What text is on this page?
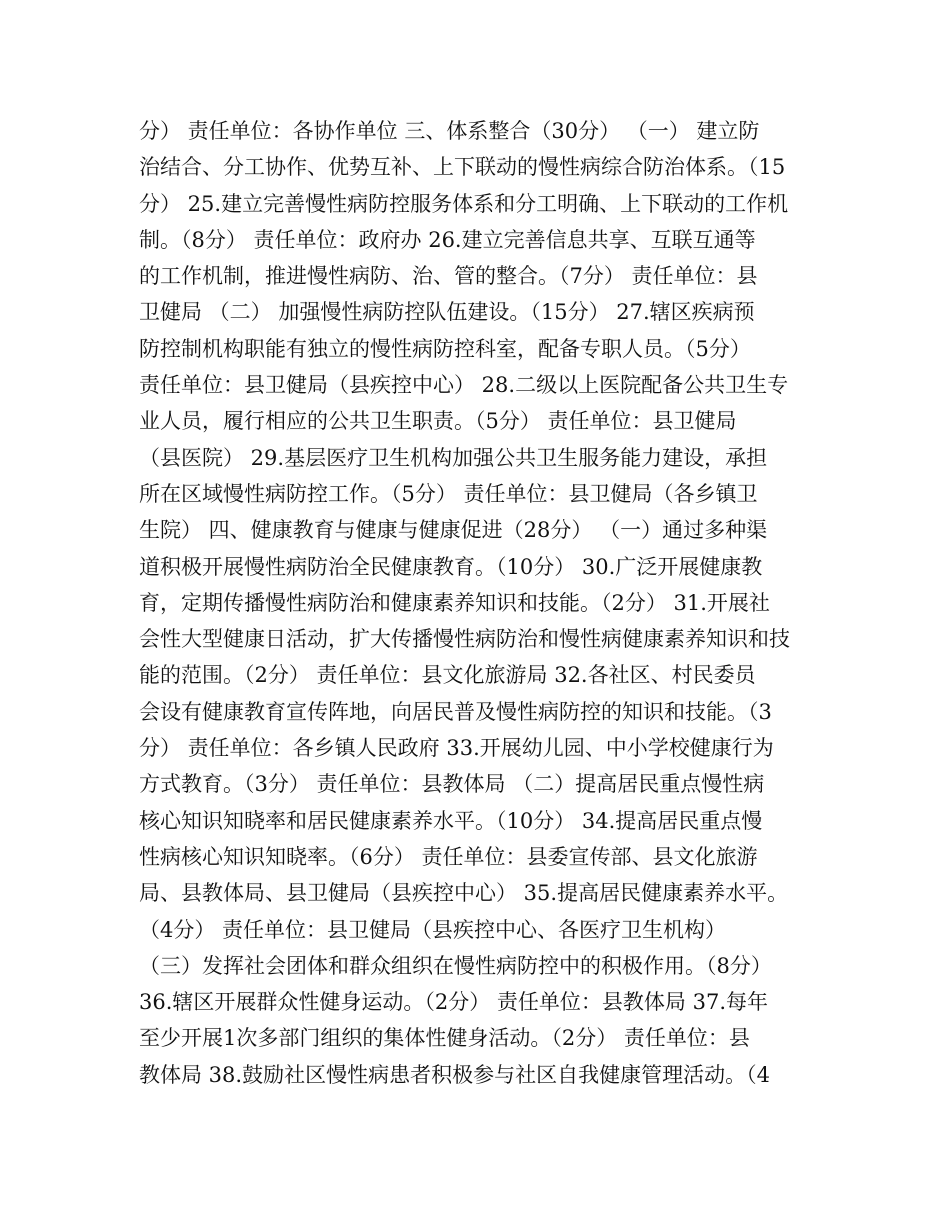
分） 责任单位：各协作单位 三、体系整合（30分） （一） 建立防
治结合、分工协作、优势互补、上下联动的慢性病综合防治体系。（15
分） 25.建立完善慢性病防控服务体系和分工明确、上下联动的工作机
制。（8分） 责任单位：政府办 26.建立完善信息共享、互联互通等
的工作机制，推进慢性病防、治、管的整合。（7分） 责任单位：县
卫健局 （二） 加强慢性病防控队伍建设。（15分） 27.辖区疾病预
防控制机构职能有独立的慢性病防控科室，配备专职人员。（5分）
责任单位：县卫健局（县疾控中心） 28.二级以上医院配备公共卫生专
业人员，履行相应的公共卫生职责。（5分） 责任单位：县卫健局
（县医院） 29.基层医疗卫生机构加强公共卫生服务能力建设，承担
所在区域慢性病防控工作。（5分） 责任单位：县卫健局（各乡镇卫
生院） 四、健康教育与健康与健康促进（28分） （一）通过多种渠
道积极开展慢性病防治全民健康教育。（10分） 30.广泛开展健康教
育，定期传播慢性病防治和健康素养知识和技能。（2分） 31.开展社
会性大型健康日活动，扩大传播慢性病防治和慢性病健康素养知识和技
能的范围。（2分） 责任单位：县文化旅游局 32.各社区、村民委员
会设有健康教育宣传阵地，向居民普及慢性病防控的知识和技能。（3
分） 责任单位：各乡镇人民政府 33.开展幼儿园、中小学校健康行为
方式教育。（3分） 责任单位：县教体局 （二）提高居民重点慢性病
核心知识知晓率和居民健康素养水平。（10分） 34.提高居民重点慢
性病核心知识知晓率。（6分） 责任单位：县委宣传部、县文化旅游
局、县教体局、县卫健局（县疾控中心） 35.提高居民健康素养水平。
（4分） 责任单位：县卫健局（县疾控中心、各医疗卫生机构）
（三）发挥社会团体和群众组织在慢性病防控中的积极作用。（8分）
36.辖区开展群众性健身运动。（2分） 责任单位：县教体局 37.每年
至少开展1次多部门组织的集体性健身活动。（2分） 责任单位：县
教体局 38.鼓励社区慢性病患者积极参与社区自我健康管理活动。（4
